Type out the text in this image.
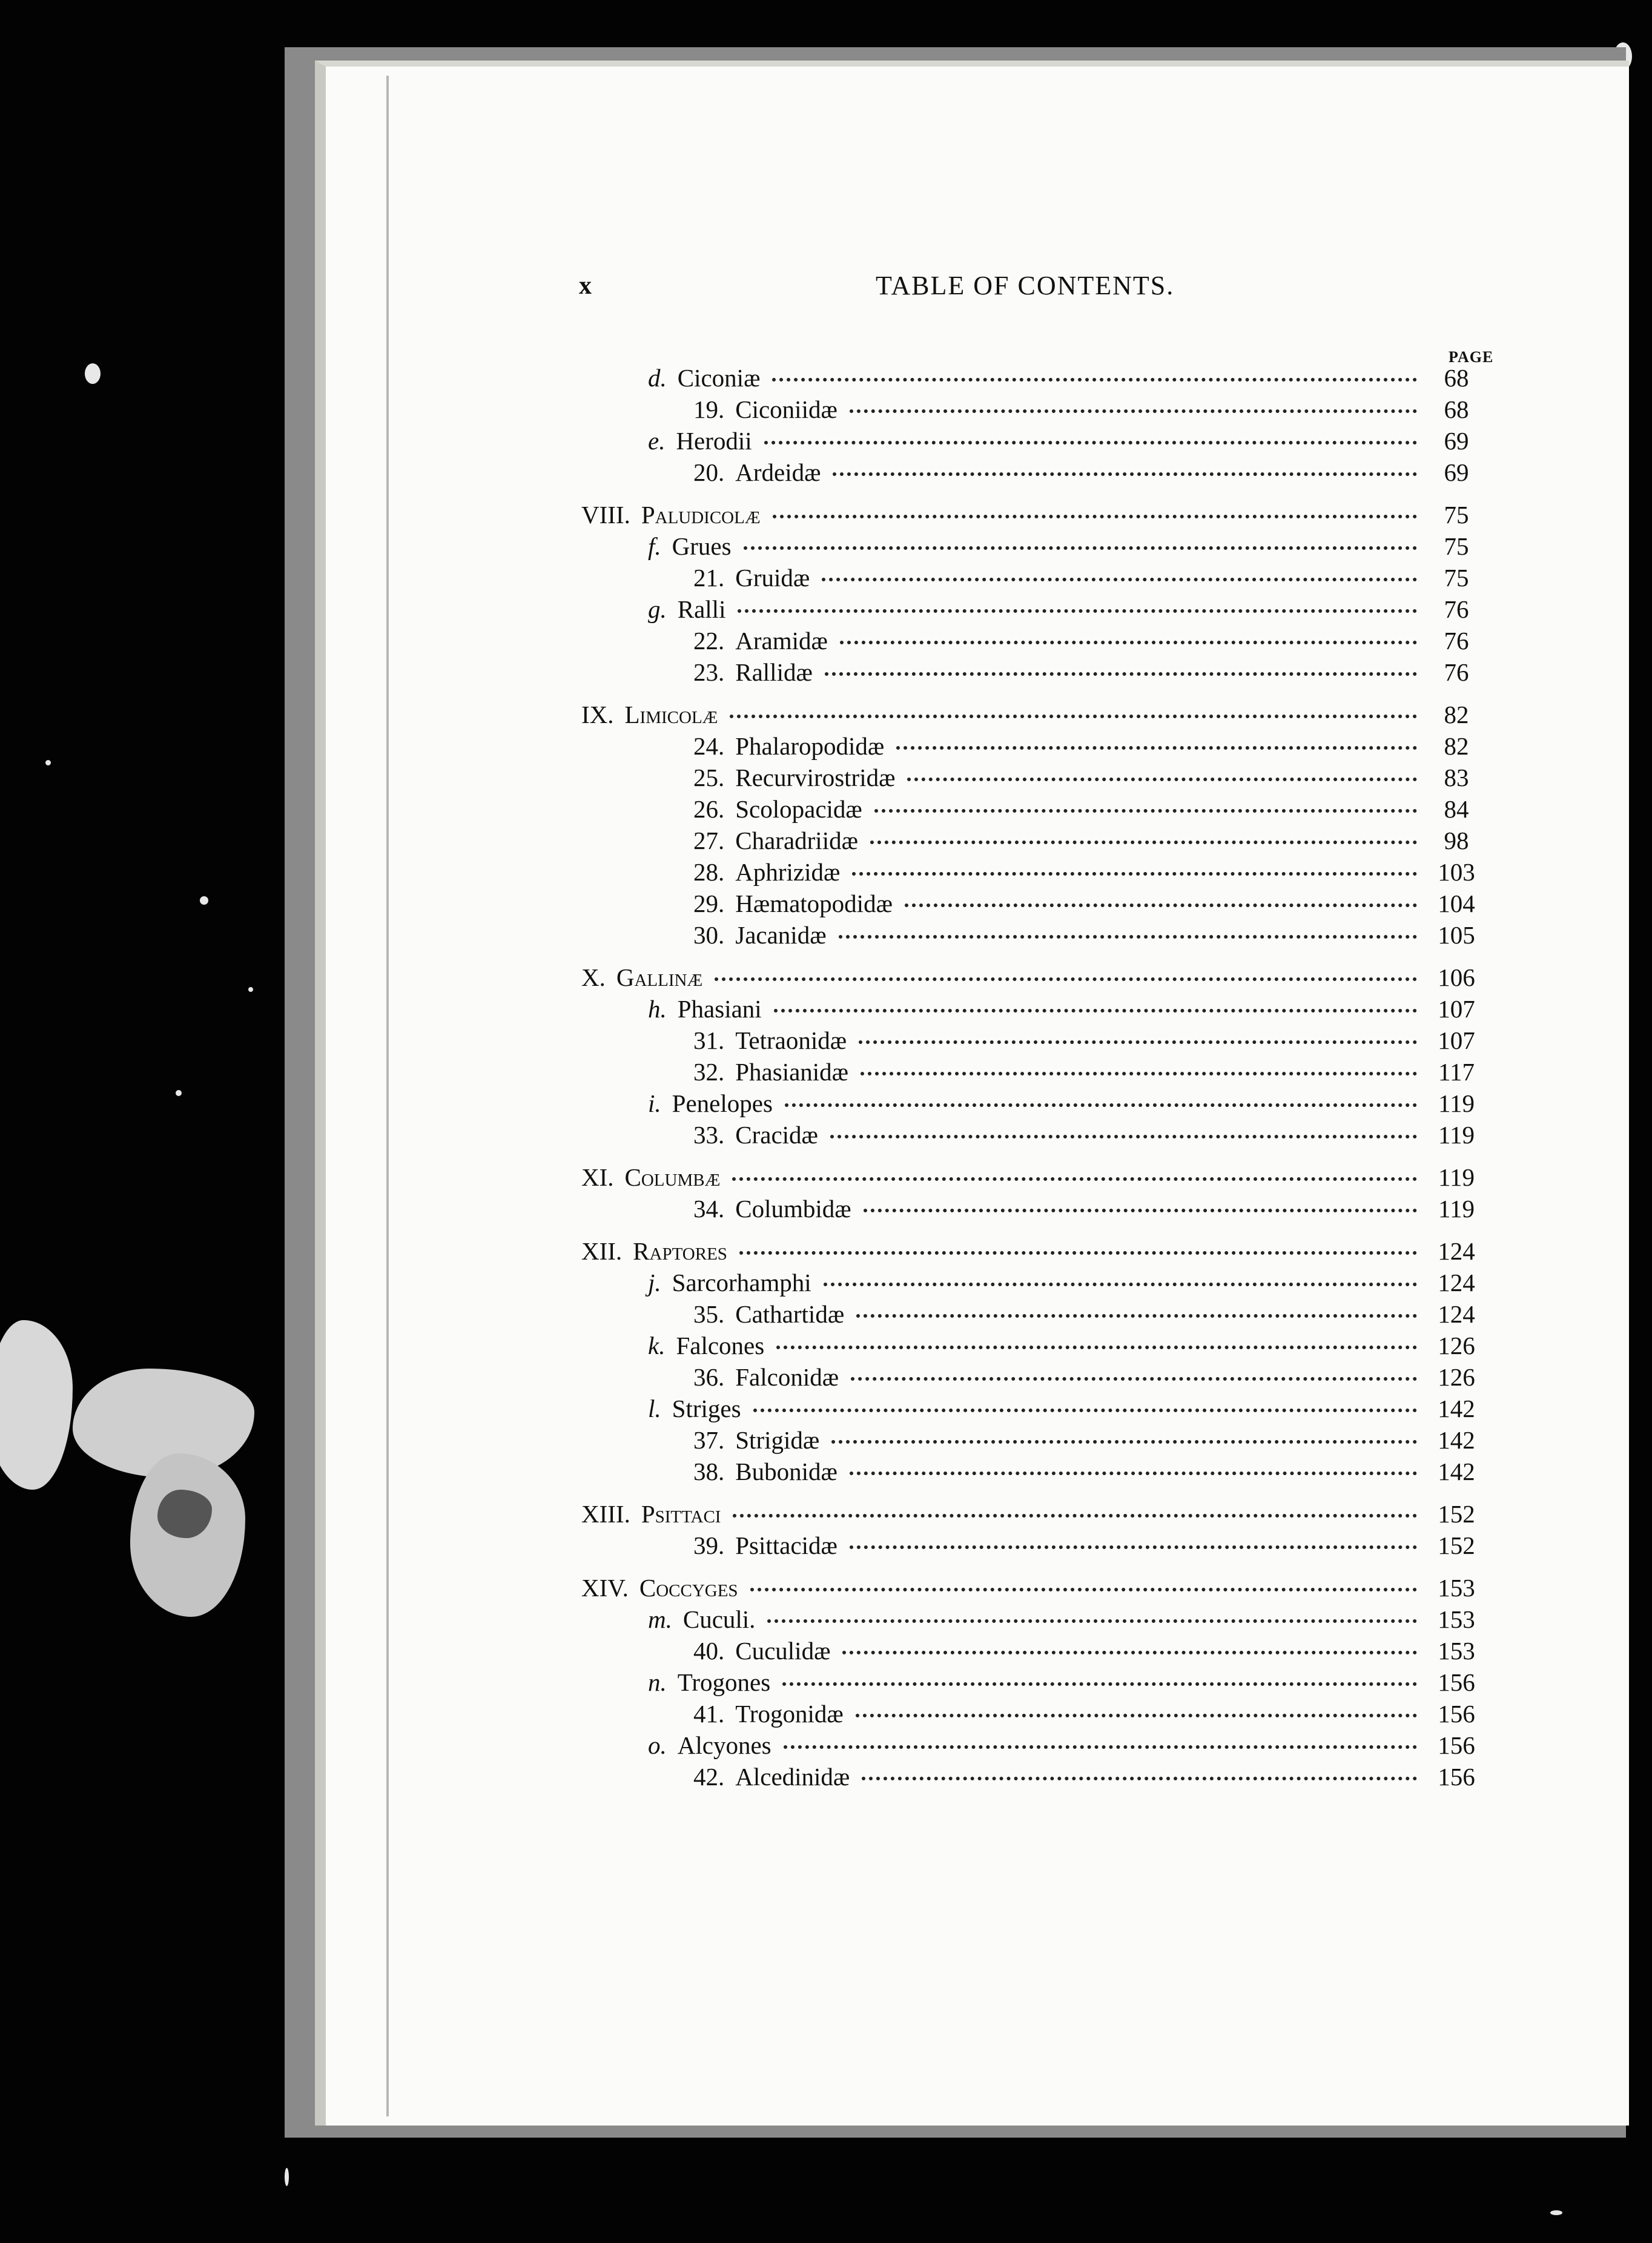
x	TABLE OF CONTENTS.
PAGE
d. Ciconiæ	68
19. Ciconiidæ	68
e. Herodii	69
20. Ardeidæ	69
VIII. Paludicolæ	75
f. Grues	75
21. Gruidæ	75
g. Ralli	76
22. Aramidæ	76
23. Rallidæ	76
IX. Limicolæ	82
24. Phalaropodidæ	82
25. Recurvirostridæ	83
26. Scolopacidæ	84
27. Charadriidæ	98
28. Aphrizidæ	103
29. Hæmatopodidæ	104
30. Jacanidæ	105
X. Gallinæ	106
h. Phasiani	107
31. Tetraonidæ	107
32. Phasianidæ	117
i. Penelopes	119
33. Cracidæ	119
XI. Columbæ	119
34. Columbidæ	119
XII. Raptores	124
j. Sarcorhamphi	124
35. Cathartidæ	124
k. Falcones	126
36. Falconidæ	126
l. Striges	142
37. Strigidæ	142
38. Bubonidæ	142
XIII. Psittaci	152
39. Psittacidæ	152
XIV. Coccyges	153
m. Cuculi.	153
40. Cuculidæ	153
n. Trogones	156
41. Trogonidæ	156
o. Alcyones	156
42. Alcedinidæ	156
